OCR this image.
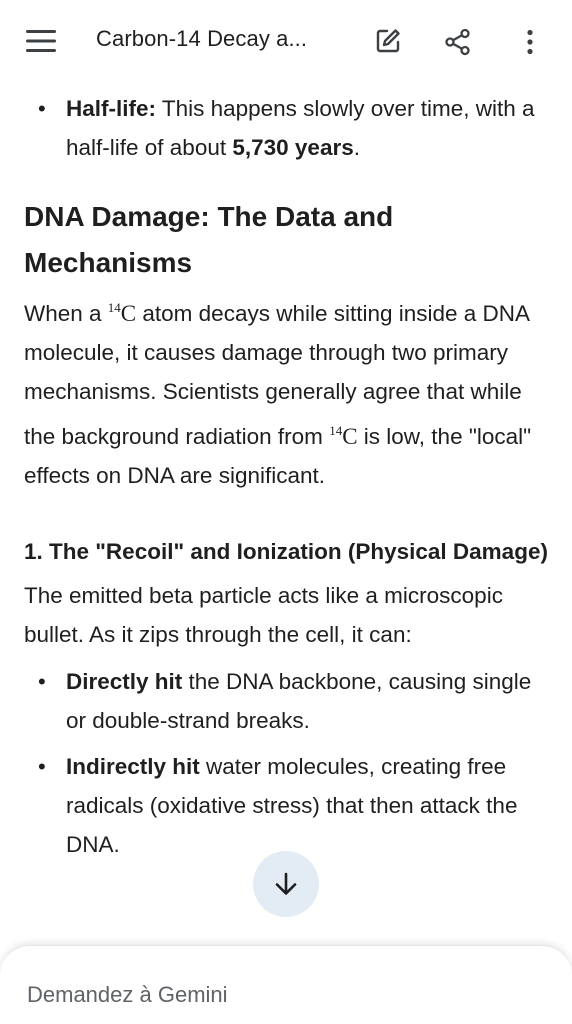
Carbon-14 Decay a...
• Half-life: This happens slowly over time, with a half-life of about 5,730 years.
DNA Damage: The Data and Mechanisms
When a $^{14}$C atom decays while sitting inside a DNA molecule, it causes damage through two primary mechanisms. Scientists generally agree that while the background radiation from $^{14}$C is low, the "local" effects on DNA are significant.
1. The "Recoil" and Ionization (Physical Damage)
The emitted beta particle acts like a microscopic bullet. As it zips through the cell, it can:
• Directly hit the DNA backbone, causing single or double-strand breaks.
• Indirectly hit water molecules, creating free radicals (oxidative stress) that then attack the DNA.
Demandez à Gemini
